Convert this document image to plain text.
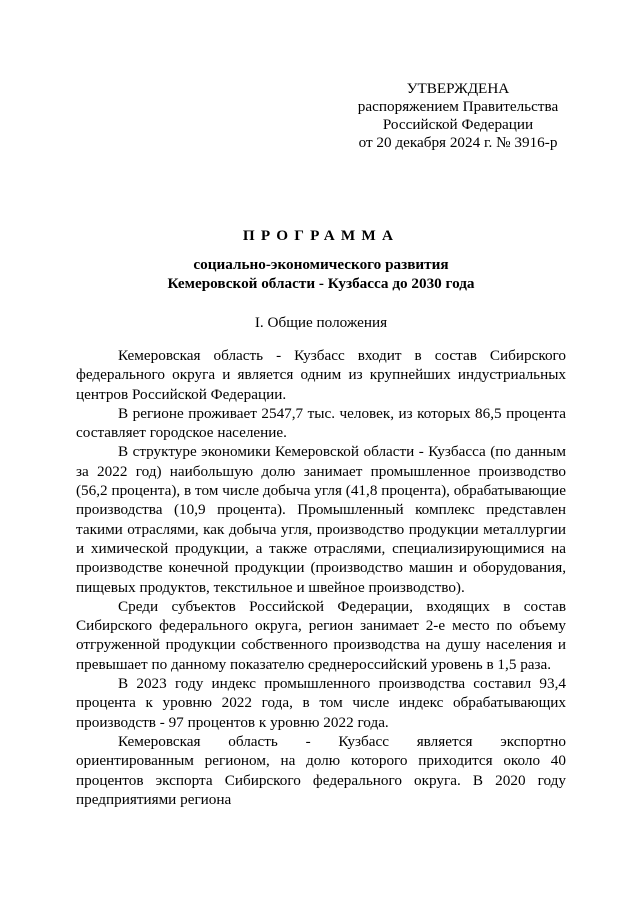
УТВЕРЖДЕНА
распоряжением Правительства
Российской Федерации
от 20 декабря 2024 г. № 3916-р
ПРОГРАММА
социально-экономического развития
Кемеровской области - Кузбасса до 2030 года
I. Общие положения

Кемеровская область - Кузбасс входит в состав Сибирского федерального округа и является одним из крупнейших индустриальных центров Российской Федерации.

В регионе проживает 2547,7 тыс. человек, из которых 86,5 процента составляет городское население.

В структуре экономики Кемеровской области - Кузбасса (по данным за 2022 год) наибольшую долю занимает промышленное производство (56,2 процента), в том числе добыча угля (41,8 процента), обрабатывающие производства (10,9 процента). Промышленный комплекс представлен такими отраслями, как добыча угля, производство продукции металлургии и химической продукции, а также отраслями, специализирующимися на производстве конечной продукции (производство машин и оборудования, пищевых продуктов, текстильное и швейное производство).

Среди субъектов Российской Федерации, входящих в состав Сибирского федерального округа, регион занимает 2-е место по объему отгруженной продукции собственного производства на душу населения и превышает по данному показателю среднероссийский уровень в 1,5 раза.

В 2023 году индекс промышленного производства составил 93,4 процента к уровню 2022 года, в том числе индекс обрабатывающих производств - 97 процентов к уровню 2022 года.

Кемеровская область - Кузбасс является экспортно ориентированным регионом, на долю которого приходится около 40 процентов экспорта Сибирского федерального округа. В 2020 году предприятиями региона
